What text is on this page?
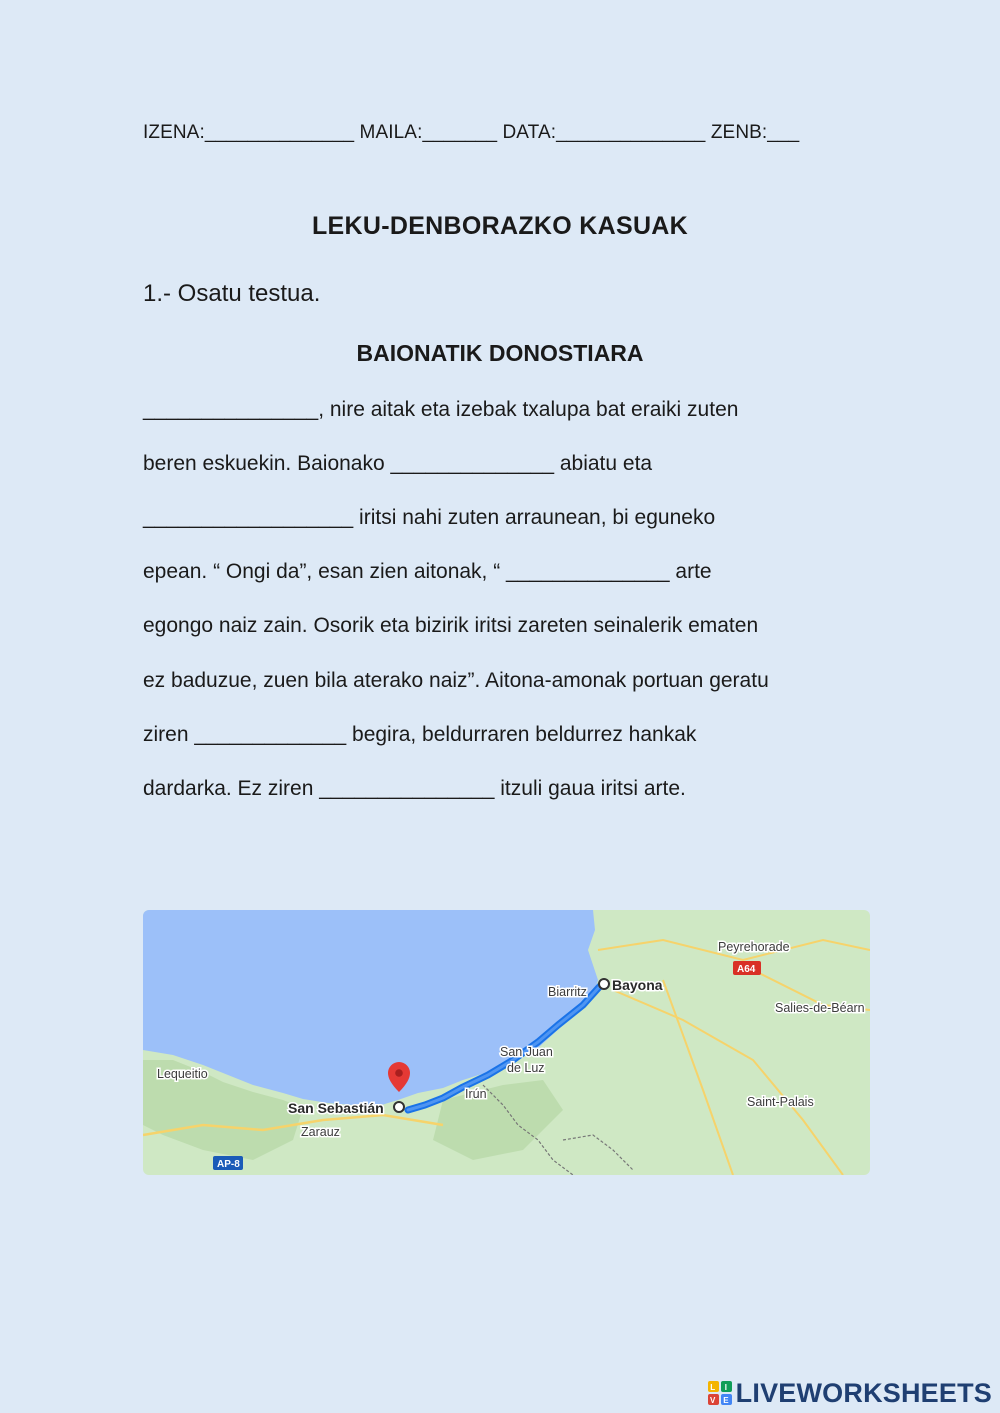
IZENA:______________ MAILA:_______ DATA:______________ ZENB:___
LEKU-DENBORAZKO KASUAK
1.- Osatu testua.
BAIONATIK DONOSTIARA
_______________, nire aitak eta izebak txalupa bat eraiki zuten
beren eskuekin. Baionako ______________ abiatu eta
__________________ iritsi nahi zuten arraunean, bi eguneko
epean. “ Ongi da”, esan zien aitonak, “ ______________ arte
egongo naiz zain. Osorik eta bizirik iritsi zareten seinalerik ematen
ez baduzue, zuen bila aterako naiz”. Aitona-amonak portuan geratu
ziren _____________ begira, beldurraren beldurrez hankak
dardarka. Ez ziren _______________ itzuli gaua iritsi arte.
Bayona
Biarritz
San Juan
de Luz
Irún
San Sebastián
Zarauz
Lequeitio
Peyrehorade
Salies-de-Béarn
Saint-Palais
A64
AP-8
L I
V E LIVEWORKSHEETS
